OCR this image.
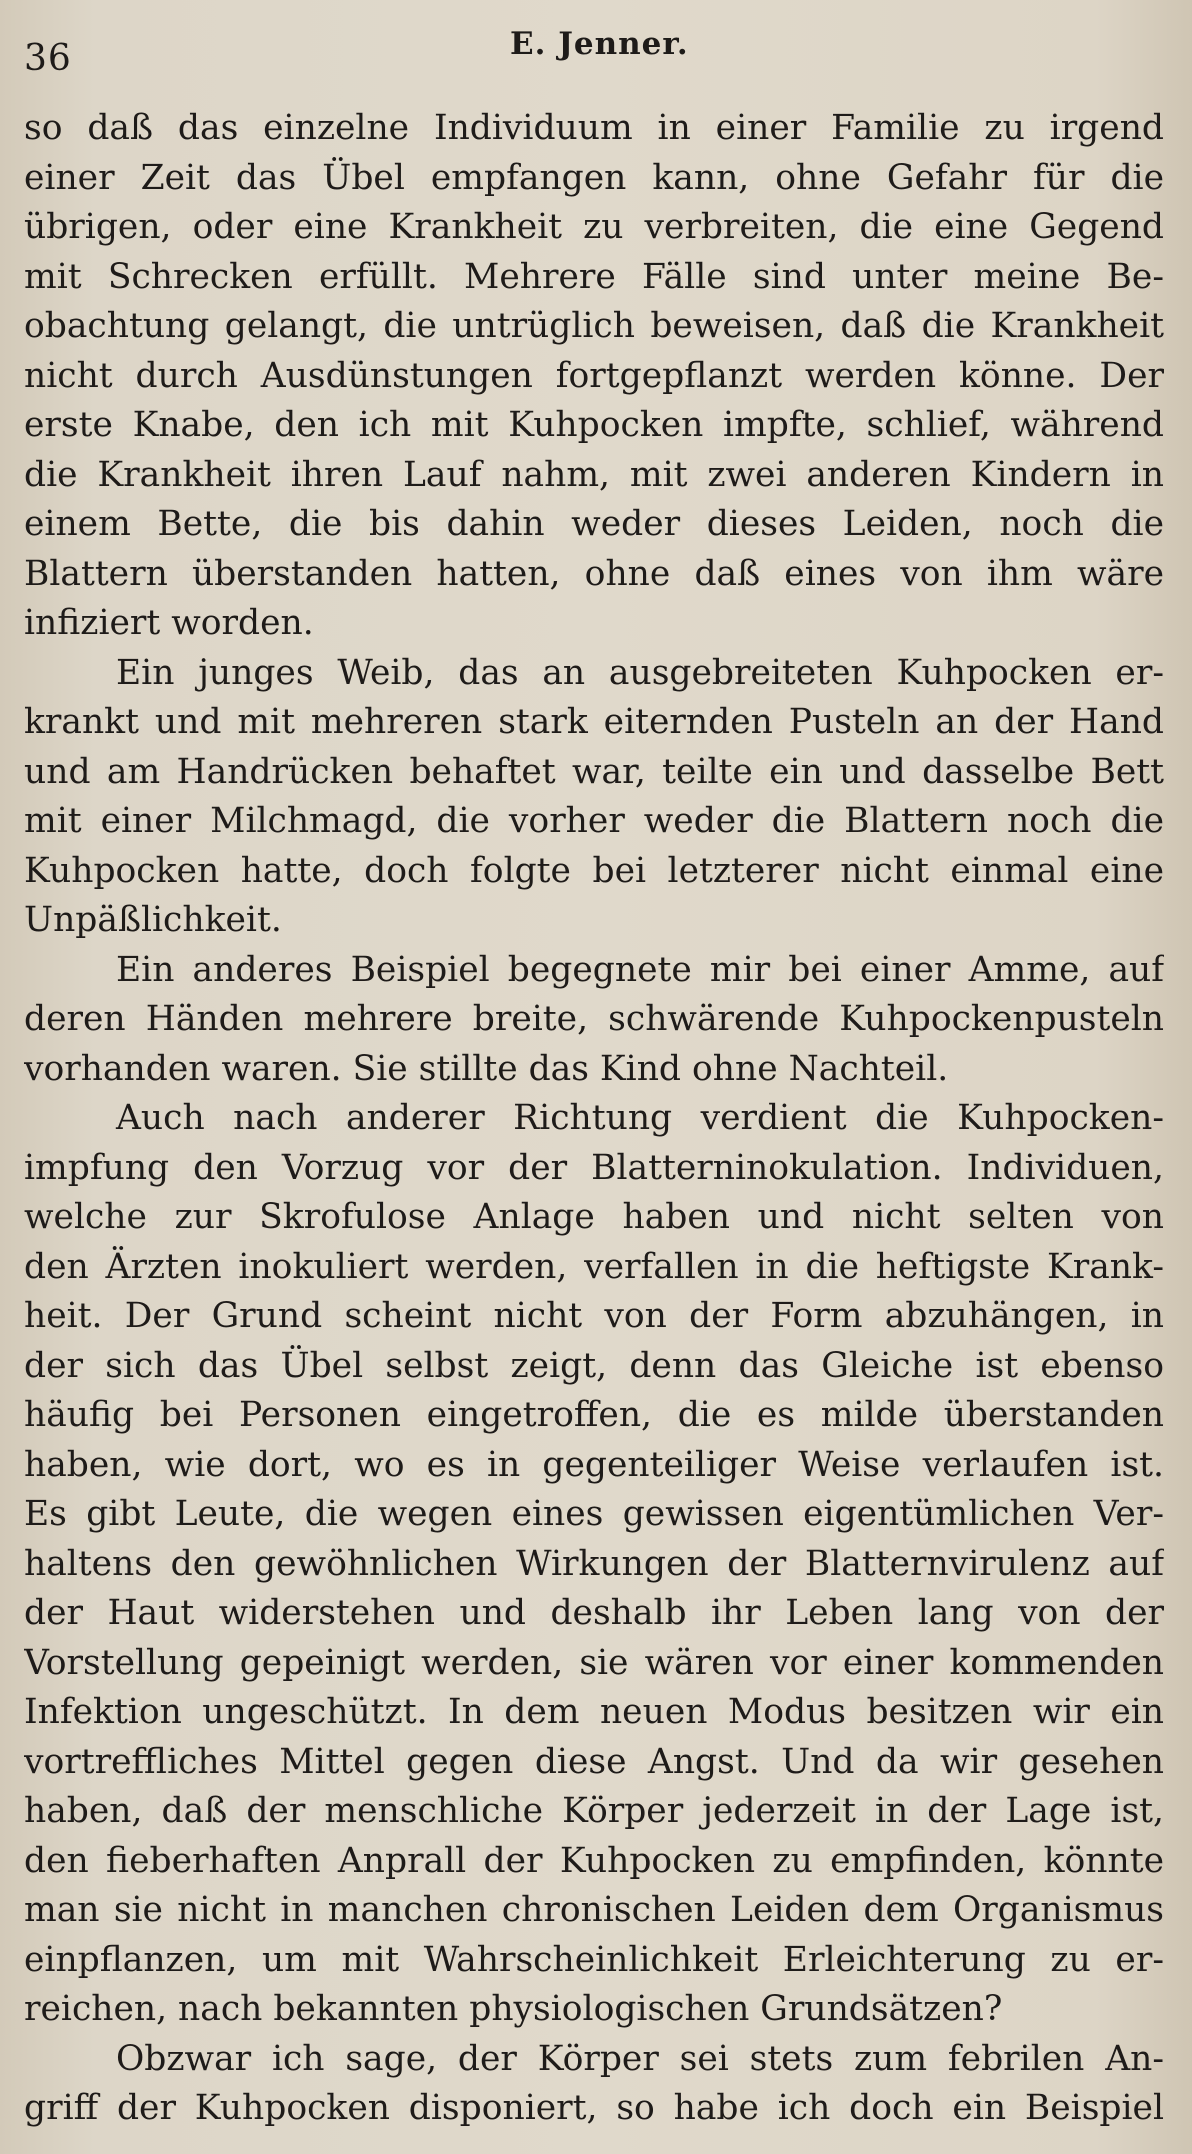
36	E. Jenner.
so daß das einzelne Individuum in einer Familie zu irgend
einer Zeit das Übel empfangen kann, ohne Gefahr für die
übrigen, oder eine Krankheit zu verbreiten, die eine Gegend
mit Schrecken erfüllt. Mehrere Fälle sind unter meine Be-
obachtung gelangt, die untrüglich beweisen, daß die Krankheit
nicht durch Ausdünstungen fortgepflanzt werden könne. Der
erste Knabe, den ich mit Kuhpocken impfte, schlief, während
die Krankheit ihren Lauf nahm, mit zwei anderen Kindern in
einem Bette, die bis dahin weder dieses Leiden, noch die
Blattern überstanden hatten, ohne daß eines von ihm wäre
infiziert worden.
Ein junges Weib, das an ausgebreiteten Kuhpocken er-
krankt und mit mehreren stark eiternden Pusteln an der Hand
und am Handrücken behaftet war, teilte ein und dasselbe Bett
mit einer Milchmagd, die vorher weder die Blattern noch die
Kuhpocken hatte, doch folgte bei letzterer nicht einmal eine
Unpäßlichkeit.
Ein anderes Beispiel begegnete mir bei einer Amme, auf
deren Händen mehrere breite, schwärende Kuhpockenpusteln
vorhanden waren. Sie stillte das Kind ohne Nachteil.
Auch nach anderer Richtung verdient die Kuhpocken-
impfung den Vorzug vor der Blatterninokulation. Individuen,
welche zur Skrofulose Anlage haben und nicht selten von
den Ärzten inokuliert werden, verfallen in die heftigste Krank-
heit. Der Grund scheint nicht von der Form abzuhängen, in
der sich das Übel selbst zeigt, denn das Gleiche ist ebenso
häufig bei Personen eingetroffen, die es milde überstanden
haben, wie dort, wo es in gegenteiliger Weise verlaufen ist.
Es gibt Leute, die wegen eines gewissen eigentümlichen Ver-
haltens den gewöhnlichen Wirkungen der Blatternvirulenz auf
der Haut widerstehen und deshalb ihr Leben lang von der
Vorstellung gepeinigt werden, sie wären vor einer kommenden
Infektion ungeschützt. In dem neuen Modus besitzen wir ein
vortreffliches Mittel gegen diese Angst. Und da wir gesehen
haben, daß der menschliche Körper jederzeit in der Lage ist,
den fieberhaften Anprall der Kuhpocken zu empfinden, könnte
man sie nicht in manchen chronischen Leiden dem Organismus
einpflanzen, um mit Wahrscheinlichkeit Erleichterung zu er-
reichen, nach bekannten physiologischen Grundsätzen?
Obzwar ich sage, der Körper sei stets zum febrilen An-
griff der Kuhpocken disponiert, so habe ich doch ein Beispiel
